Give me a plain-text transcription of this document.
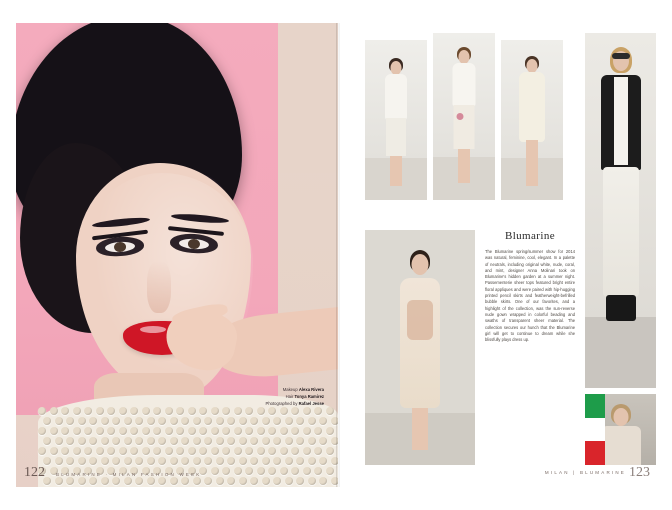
Makeup Alexa Rivera
Hair Tonya Ramirez
Photographed by Rafael Jesse
122 BLUMARINE · MILAN FASHION WEEK
Blumarine

The Blumarine spring/summer show for 2014 was natural, feminine, cool, elegant. In a palette of neutrals, including original white, nude, coral, and mint, designer Anna Molinari took on Blumarine's hidden garden at a summer night. Passementerie sheer tops featured bright entire floral appliques and were paired with hip-hugging printed pencil skirts and featherweight-befrilled bubble skirts. One of our favorites, and a highlight of the collection, was the sun-reverse nude gown wrapped in colorful beading and swaths of transparent sheer material. The collection secures our hunch that the Blumarine girl will get to continue to dream while she blissfully plays dress up.

MILAN | BLUMARINE 123
